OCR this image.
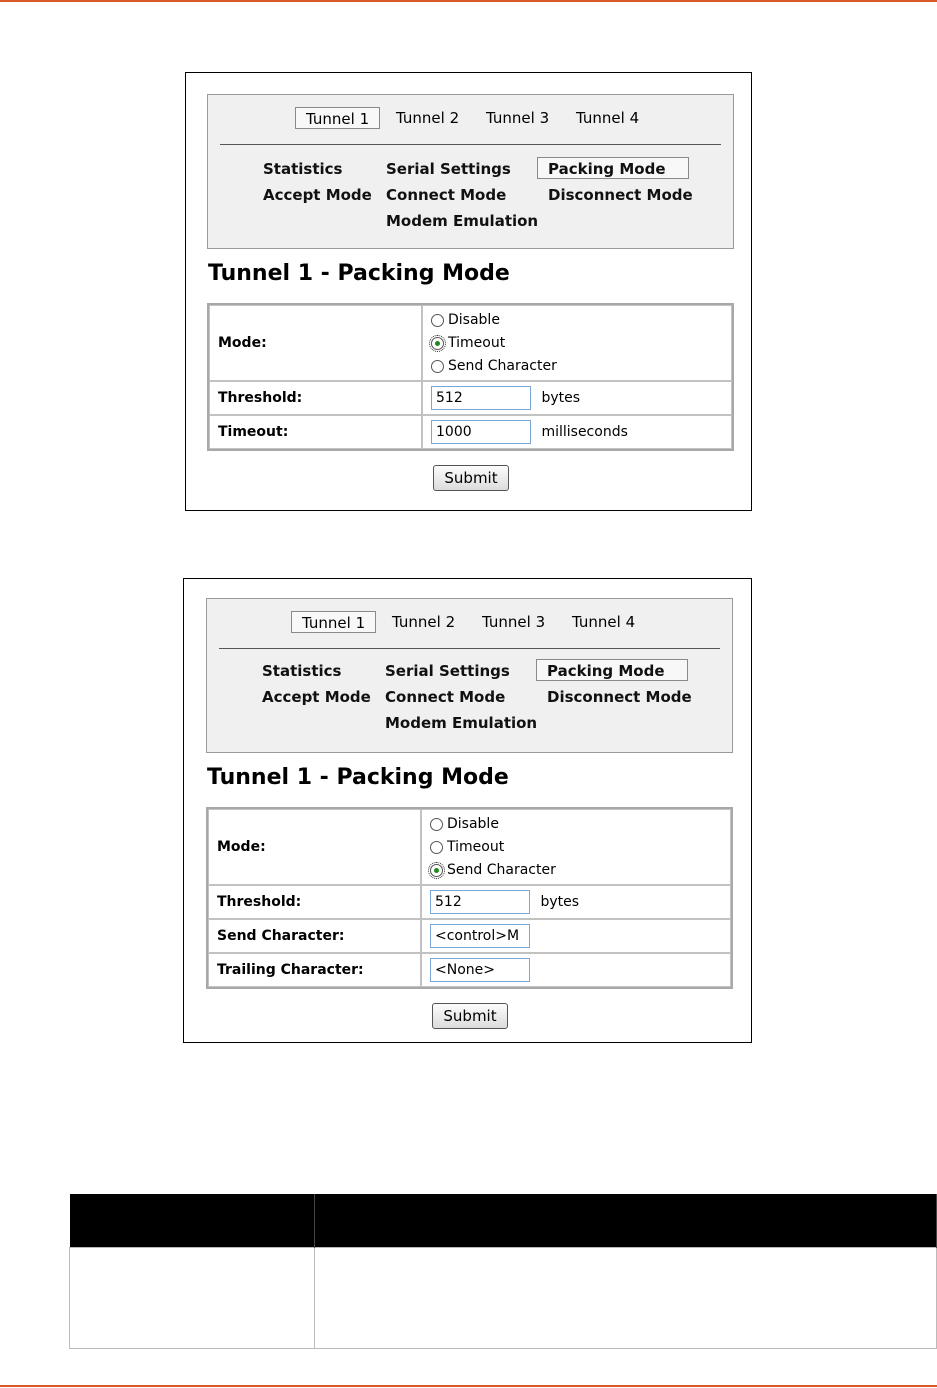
Tunnel 1	Tunnel 2	Tunnel 3	Tunnel 4
Statistics	Serial Settings	Packing Mode
Accept Mode Connect Mode	Disconnect Mode
Modem Emulation
Tunnel 1 - Packing Mode
Mode:	Disable
Timeout
Send Character

Threshold:	512 bytes
Timeout:	1000 milliseconds
Submit
Tunnel 1	Tunnel 2	Tunnel 3	Tunnel 4
Statistics	Serial Settings	Packing Mode
Accept Mode Connect Mode	Disconnect Mode
Modem Emulation
Tunnel 1 - Packing Mode
Mode:	Disable
Timeout
Send Character

Threshold:	512 bytes
Send Character:	<control>M
Trailing Character:	<None>
Submit
